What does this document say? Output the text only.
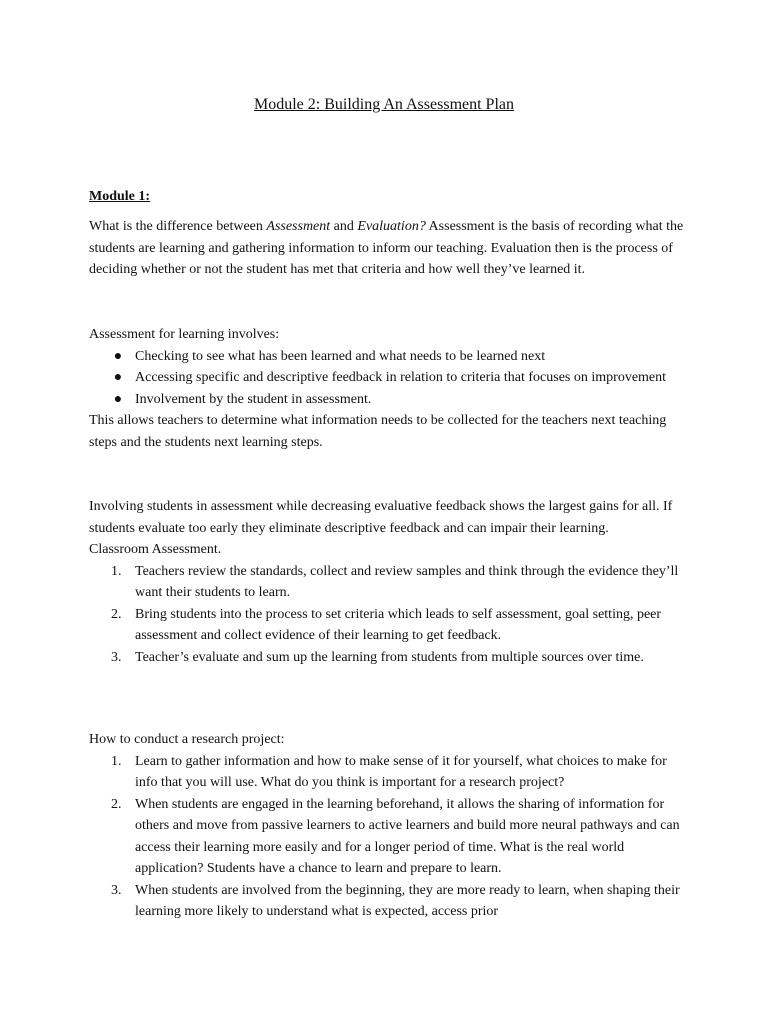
Module 2: Building An Assessment Plan
Module 1:

What is the difference between Assessment and Evaluation? Assessment is the basis of recording what the students are learning and gathering information to inform our teaching. Evaluation then is the process of deciding whether or not the student has met that criteria and how well they’ve learned it.

Assessment for learning involves:

● Checking to see what has been learned and what needs to be learned next
● Accessing specific and descriptive feedback in relation to criteria that focuses on improvement
● Involvement by the student in assessment.

This allows teachers to determine what information needs to be collected for the teachers next teaching steps and the students next learning steps.

Involving students in assessment while decreasing evaluative feedback shows the largest gains for all. If students evaluate too early they eliminate descriptive feedback and can impair their learning.

Classroom Assessment.

1. Teachers review the standards, collect and review samples and think through the evidence they’ll want their students to learn.
2. Bring students into the process to set criteria which leads to self assessment, goal setting, peer assessment and collect evidence of their learning to get feedback.
3. Teacher’s evaluate and sum up the learning from students from multiple sources over time.

How to conduct a research project:

1. Learn to gather information and how to make sense of it for yourself, what choices to make for info that you will use. What do you think is important for a research project?
2. When students are engaged in the learning beforehand, it allows the sharing of information for others and move from passive learners to active learners and build more neural pathways and can access their learning more easily and for a longer period of time. What is the real world application? Students have a chance to learn and prepare to learn.
3. When students are involved from the beginning, they are more ready to learn, when shaping their learning more likely to understand what is expected, access prior
